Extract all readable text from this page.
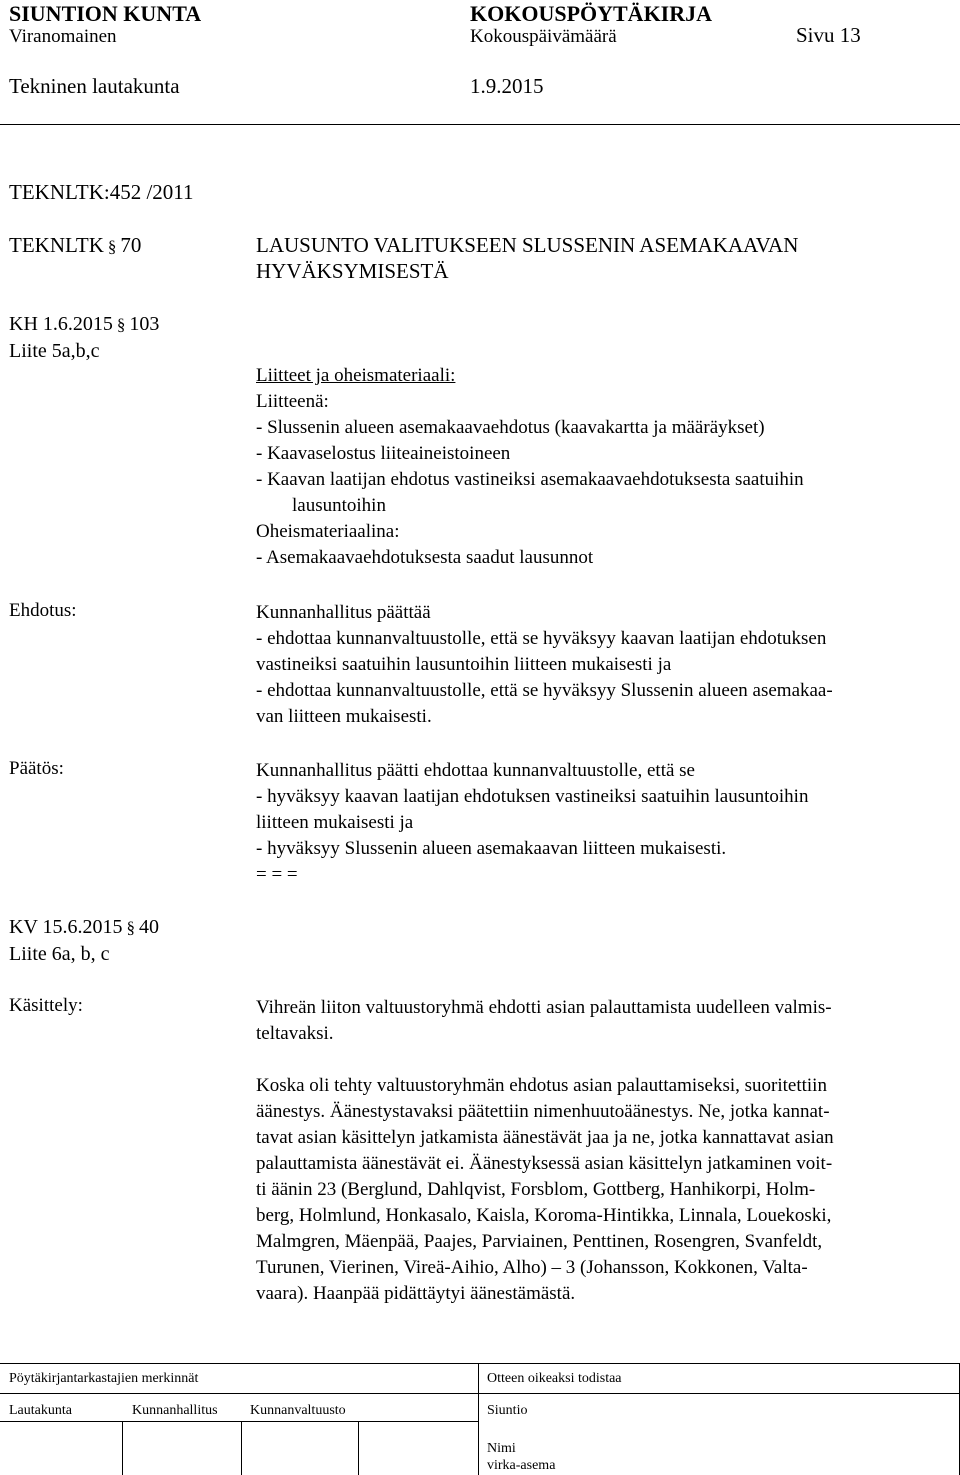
SIUNTION KUNTA	KOKOUSPÖYTÄKIRJA
Viranomainen	Kokouspäivämäärä	Sivu 13
Tekninen lautakunta	1.9.2015
TEKNLTK:452 /2011
TEKNLTK § 70
KH 1.6.2015 § 103
Liite 5a,b,c
LAUSUNTO VALITUKSEEN SLUSSENIN ASEMAKAAVAN
HYVÄKSYMISESTÄ
Liitteet ja oheismateriaali:
Liitteenä:
- Slussenin alueen asemakaavaehdotus (kaavakartta ja määräykset)
- Kaavaselostus liiteaineistoineen
- Kaavan laatijan ehdotus vastineiksi asemakaavaehdotuksesta saatuihin
lausuntoihin
Oheismateriaalina:
- Asemakaavaehdotuksesta saadut lausunnot
Ehdotus:	Kunnanhallitus päättää
- ehdottaa kunnanvaltuustolle, että se hyväksyy kaavan laatijan ehdotuksen
vastineiksi saatuihin lausuntoihin liitteen mukaisesti ja
- ehdottaa kunnanvaltuustolle, että se hyväksyy Slussenin alueen asemakaa-
van liitteen mukaisesti.
Päätös:	Kunnanhallitus päätti ehdottaa kunnanvaltuustolle, että se
- hyväksyy kaavan laatijan ehdotuksen vastineiksi saatuihin lausuntoihin
liitteen mukaisesti ja
- hyväksyy Slussenin alueen asemakaavan liitteen mukaisesti.
= = =
KV 15.6.2015 § 40
Liite 6a, b, c
Käsittely:	Vihreän liiton valtuustoryhmä ehdotti asian palauttamista uudelleen valmis-
teltavaksi.
Koska oli tehty valtuustoryhmän ehdotus asian palauttamiseksi, suoritettiin
äänestys. Äänestystavaksi päätettiin nimenhuutoäänestys. Ne, jotka kannat-
tavat asian käsittelyn jatkamista äänestävät jaa ja ne, jotka kannattavat asian
palauttamista äänestävät ei. Äänestyksessä asian käsittelyn jatkaminen voit-
ti äänin 23 (Berglund, Dahlqvist, Forsblom, Gottberg, Hanhikorpi, Holm-
berg, Holmlund, Honkasalo, Kaisla, Koroma-Hintikka, Linnala, Louekoski,
Malmgren, Mäenpää, Paajes, Parviainen, Penttinen, Rosengren, Svanfeldt,
Turunen, Vierinen, Vireä-Aihio, Alho) – 3 (Johansson, Kokkonen, Valta-
vaara). Haanpää pidättäytyi äänestämästä.
Pöytäkirjantarkastajien merkinnät	Otteen oikeaksi todistaa
Lautakunta	Kunnanhallitus Kunnanvaltuusto	Siuntio
Nimi
virka-asema
